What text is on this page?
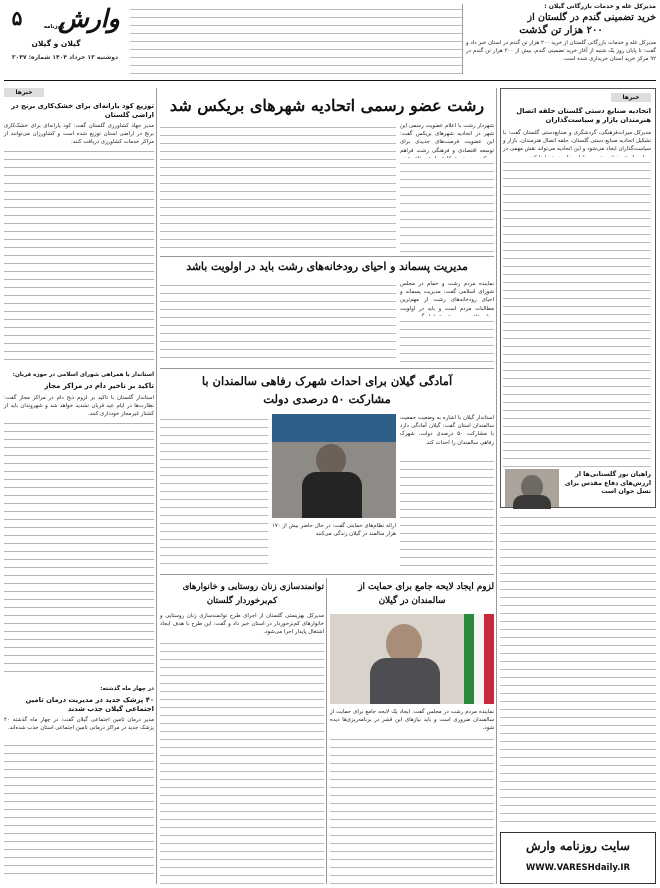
۵
گیلان و گیلان
وارش
روزنامه
دوشنبه ۱۳ خرداد ۱۴۰۴ شماره: ۳۰۴۷
مدیرکل غله و خدمات بازرگانی گیلان :
خرید تضمینی گندم در گلستان از
۲۰۰ هزار تن گذشت
مدیرکل غله و خدمات بازرگانی گلستان از خرید ۲۰۰ هزار تن گندم در استان خبر داد و گفت: تا پایان روز یک شنبه از آغاز خرید تضمینی گندم، بیش از ۲۰۰ هزار تن گندم در ۹۲ مرکز خرید استان خریداری شده است.
خبرها
اتحادیه صنایع دستی گلستان حلقه اتصال هنرمندان بازار و سیاست‌گذاران
مدیرکل میراث‌فرهنگی، گردشگری و صنایع‌دستی گلستان گفت: با تشکیل اتحادیه صنایع دستی گلستان، حلقه اتصال هنرمندان، بازار و سیاست‌گذاران ایجاد می‌شود و این اتحادیه می‌تواند نقش مهمی در
راهیان نور گلستانی‌ها از ارزش‌های دفاع مقدس برای نسل جوان است
سایت روزنامه وارش
WWW.VARESHdaily.IR
خبرها
توزیع کود یارانه‌ای برای خشک‌کاری برنج در اراضی گلستان
مدیر جهاد کشاورزی گلستان گفت: کود یارانه‌ای برای خشک‌کاری برنج در اراضی استان توزیع شده است و کشاورزان می‌توانند از مراکز خدمات کشاورزی دریافت کنند.
استاندار با همراهی شورای اسلامی در حوزه قربان:
تاکید بر تاخیر دام در مراکز مجاز
استاندار گلستان با تاکید بر لزوم ذبح دام در مراکز مجاز گفت: نظارت‌ها در ایام عید قربان تشدید خواهد شد و شهروندان باید از کشتار غیرمجاز خودداری کنند.
در چهار ماه گذشته:
۴۰ پزشک جدید در مدیریت درمان تامین اجتماعی گیلان جذب شدند
مدیر درمان تامین اجتماعی گیلان گفت: در چهار ماه گذشته ۴۰ پزشک جدید در مراکز درمانی تامین اجتماعی استان جذب شده‌اند.
رشت عضو رسمی اتحادیه شهرهای بریکس شد
شهردار رشت با اعلام عضویت رسمی این شهر در اتحادیه شهرهای بریکس گفت: این عضویت فرصت‌های جدیدی برای توسعه اقتصادی و فرهنگی رشت فراهم
مدیریت پسماند و احیای رودخانه‌های رشت باید در اولویت باشد
نماینده مردم رشت و خمام در مجلس شورای اسلامی گفت: مدیریت پسماند و احیای رودخانه‌های رشت از مهم‌ترین مطالبات مردم است و باید در اولویت
آمادگی گیلان برای احداث شهرک رفاهی سالمندان با
مشارکت ۵۰ درصدی دولت
استاندار گیلان با اشاره به وضعیت جمعیت سالمندان استان گفت: گیلان آمادگی دارد با مشارکت ۵۰ درصدی دولت، شهرک رفاهی سالمندان را احداث کند.
ارائه نظام‌های حمایتی گفت: در حال حاضر بیش از ۱۷۰ هزار سالمند در گیلان زندگی می‌کنند
لزوم ایجاد لایحه جامع برای حمایت از
سالمندان در گیلان
نماینده مردم رشت در مجلس گفت: ایجاد یک لایحه جامع برای حمایت از سالمندان ضروری است و باید نیازهای این قشر در برنامه‌ریزی‌ها دیده شود.
توانمندسازی زنان روستایی و خانوارهای
کم‌برخوردار گلستان
مدیرکل بهزیستی گلستان از اجرای طرح توانمندسازی زنان روستایی و خانوارهای کم‌برخوردار در استان خبر داد و گفت: این طرح با هدف ایجاد اشتغال پایدار اجرا می‌شود.
